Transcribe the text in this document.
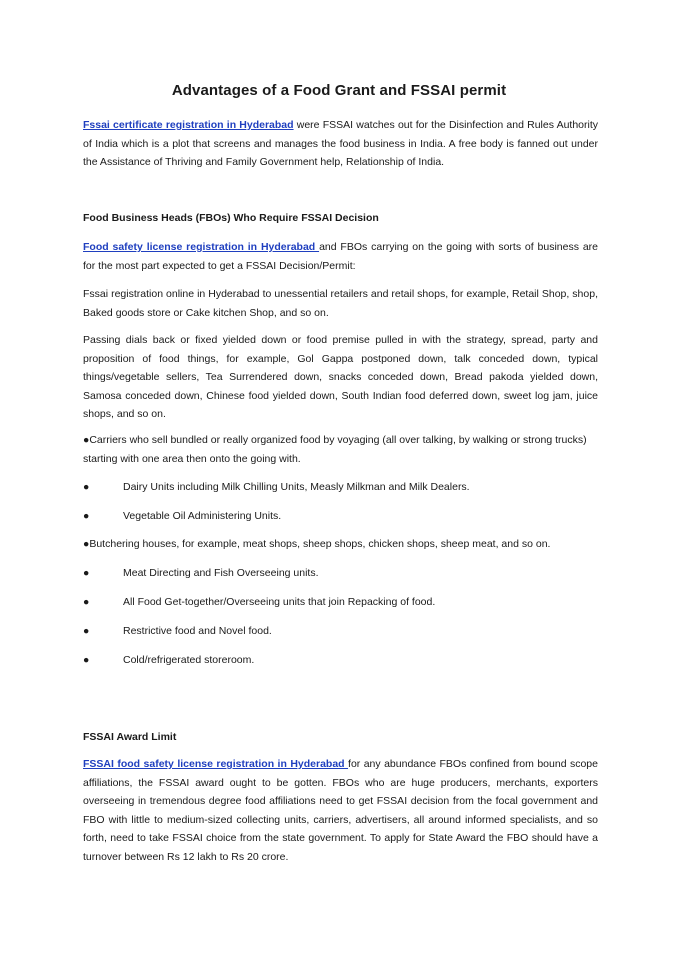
Advantages of a Food Grant and FSSAI permit

Fssai certificate registration in Hyderabad were FSSAI watches out for the Disinfection and Rules Authority of India which is a plot that screens and manages the food business in India. A free body is fanned out under the Assistance of Thriving and Family Government help, Relationship of India.

Food Business Heads (FBOs) Who Require FSSAI Decision

Food safety license registration in Hyderabad and FBOs carrying on the going with sorts of business are for the most part expected to get a FSSAI Decision/Permit:

Fssai registration online in Hyderabad to unessential retailers and retail shops, for example, Retail Shop, shop, Baked goods store or Cake kitchen Shop, and so on.

Passing dials back or fixed yielded down or food premise pulled in with the strategy, spread, party and proposition of food things, for example, Gol Gappa postponed down, talk conceded down, typical things/vegetable sellers, Tea Surrendered down, snacks conceded down, Bread pakoda yielded down, Samosa conceded down, Chinese food yielded down, South Indian food deferred down, sweet log jam, juice shops, and so on.

●Carriers who sell bundled or really organized food by voyaging (all over talking, by walking or strong trucks) starting with one area then onto the going with.

●	Dairy Units including Milk Chilling Units, Measly Milkman and Milk Dealers.
●	Vegetable Oil Administering Units.

●Butchering houses, for example, meat shops, sheep shops, chicken shops, sheep meat, and so on.

●	Meat Directing and Fish Overseeing units.
●	All Food Get-together/Overseeing units that join Repacking of food.
●	Restrictive food and Novel food.
●	Cold/refrigerated storeroom.

FSSAI Award Limit

FSSAI food safety license registration in Hyderabad for any abundance FBOs confined from bound scope affiliations, the FSSAI award ought to be gotten. FBOs who are huge producers, merchants, exporters overseeing in tremendous degree food affiliations need to get FSSAI decision from the focal government and FBO with little to medium-sized collecting units, carriers, advertisers, all around informed specialists, and so forth, need to take FSSAI choice from the state government. To apply for State Award the FBO should have a turnover between Rs 12 lakh to Rs 20 crore.
